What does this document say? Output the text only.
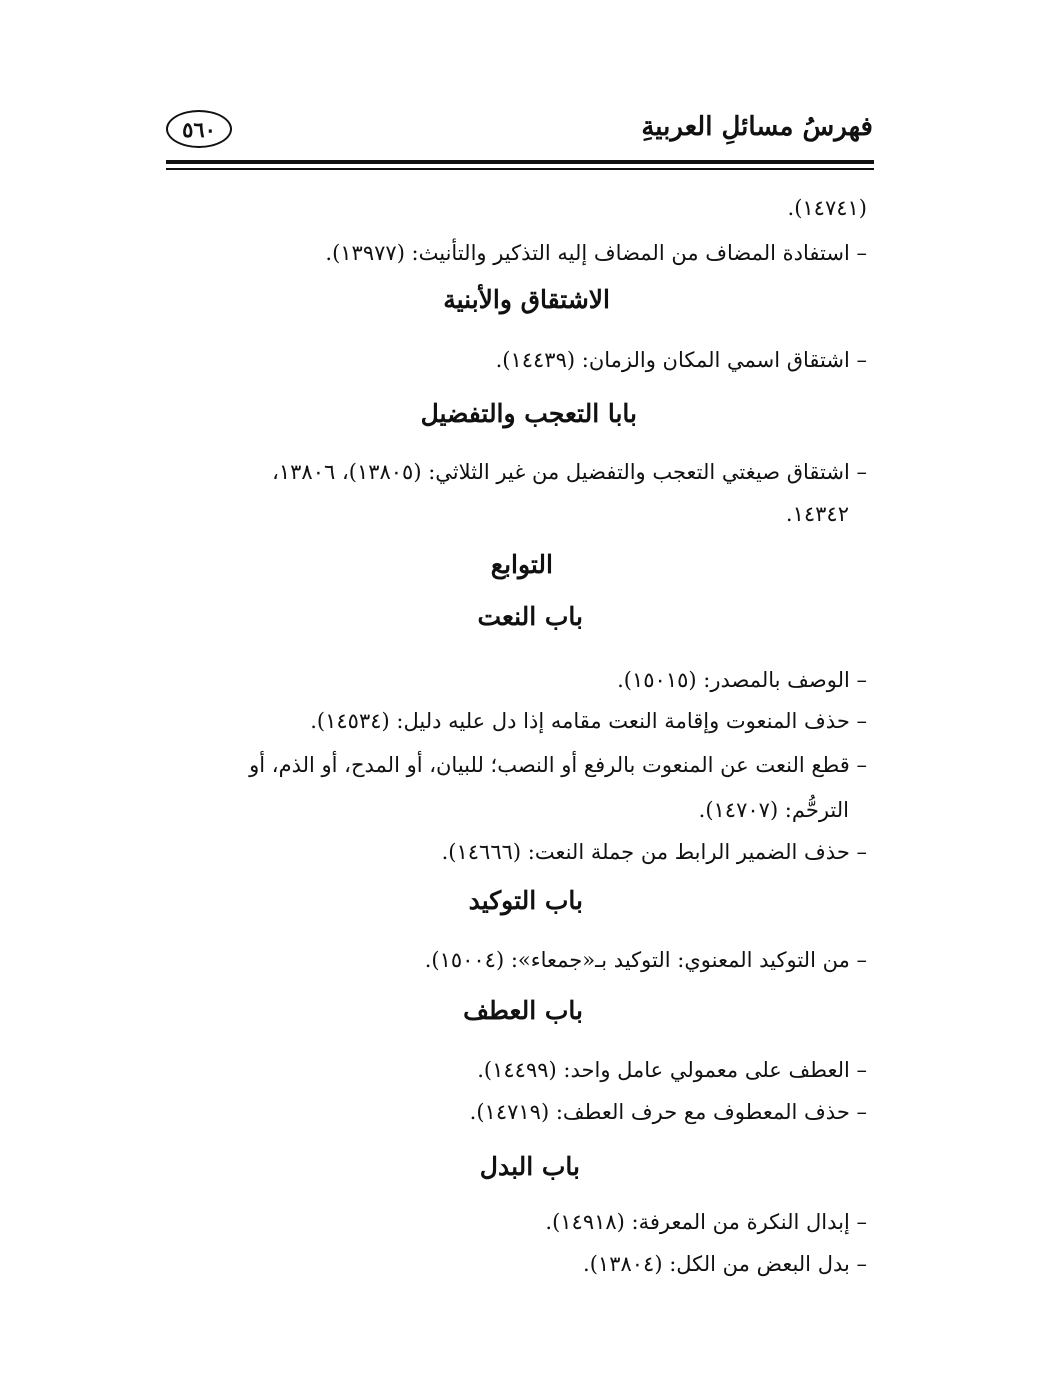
فهرسُ مسائلِ العربيةِ
٥٦٠
(١٤٧٤١).
– استفادة المضاف من المضاف إليه التذكير والتأنيث: (١٣٩٧٧).
الاشتقاق والأبنية
– اشتقاق اسمي المكان والزمان: (١٤٤٣٩).
بابا التعجب والتفضيل
– اشتقاق صيغتي التعجب والتفضيل من غير الثلاثي: (١٣٨٠٥)، ١٣٨٠٦،
١٤٣٤٢.
التوابع
باب النعت
– الوصف بالمصدر: (١٥٠١٥).
– حذف المنعوت وإقامة النعت مقامه إذا دل عليه دليل: (١٤٥٣٤).
– قطع النعت عن المنعوت بالرفع أو النصب؛ للبيان، أو المدح، أو الذم، أو
الترحُّم: (١٤٧٠٧).
– حذف الضمير الرابط من جملة النعت: (١٤٦٦٦).
باب التوكيد
– من التوكيد المعنوي: التوكيد بـ«جمعاء»: (١٥٠٠٤).
باب العطف
– العطف على معمولي عامل واحد: (١٤٤٩٩).
– حذف المعطوف مع حرف العطف: (١٤٧١٩).
باب البدل
– إبدال النكرة من المعرفة: (١٤٩١٨).
– بدل البعض من الكل: (١٣٨٠٤).
